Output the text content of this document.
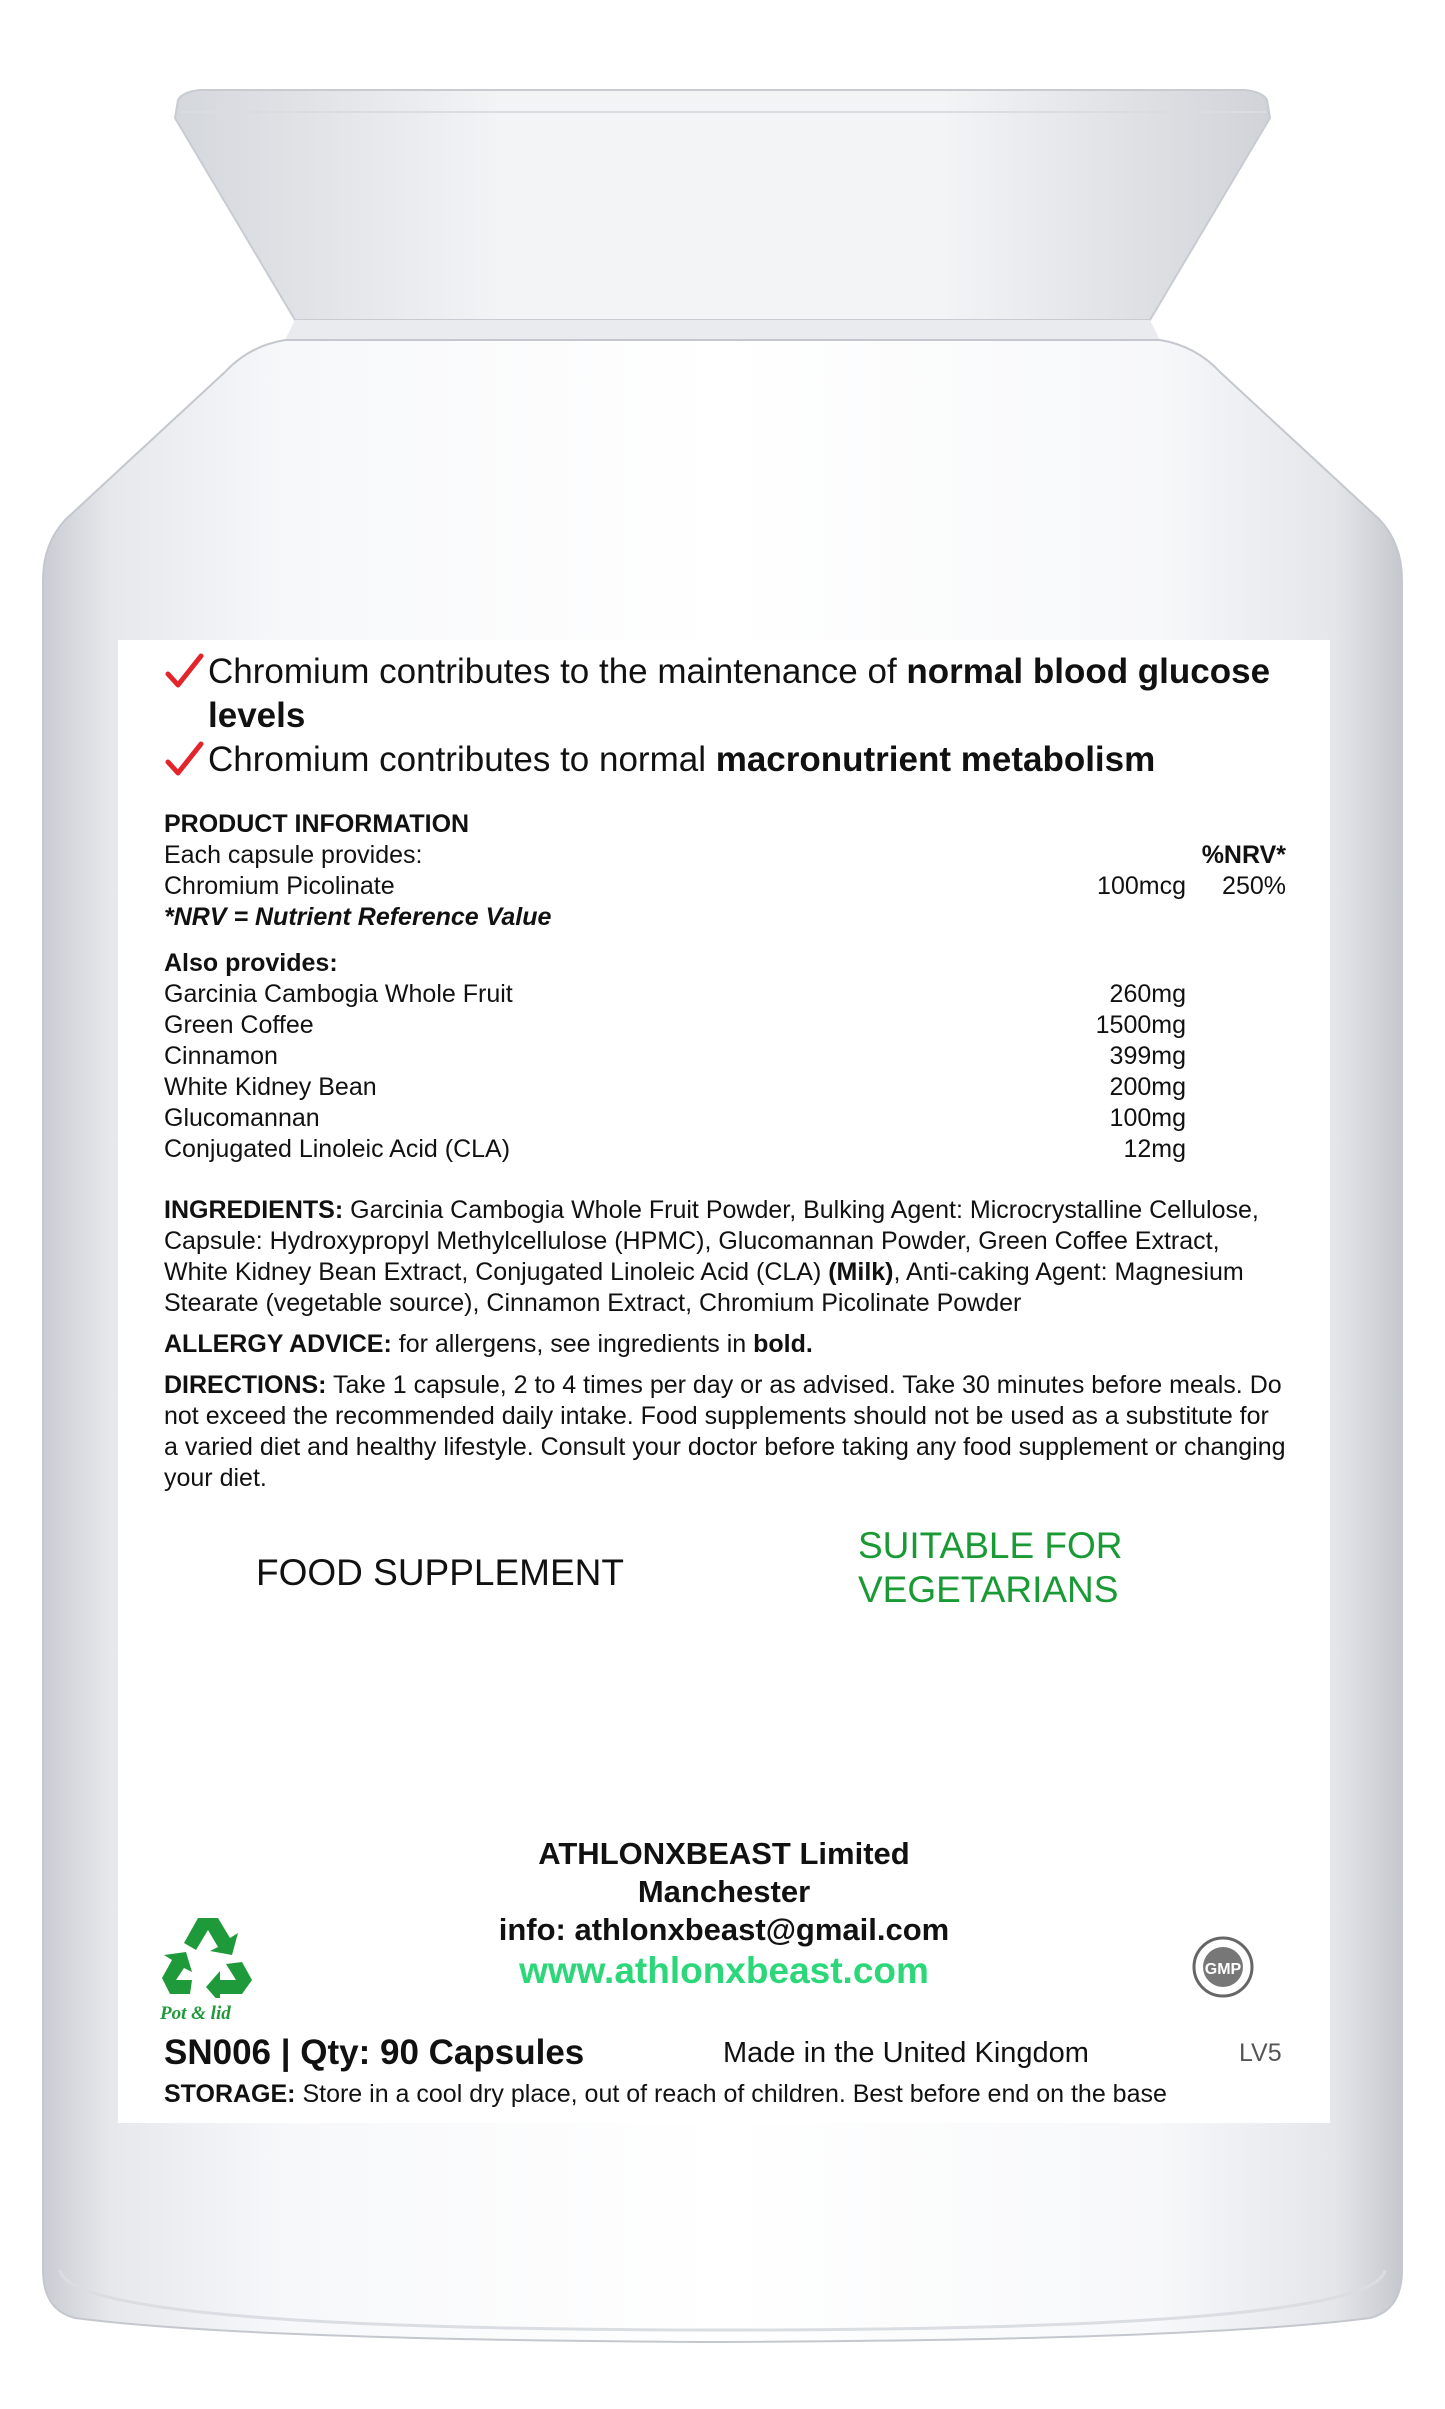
Chromium contributes to the maintenance of normal blood glucose levels
Chromium contributes to normal macronutrient metabolism
PRODUCT INFORMATION
Each capsule provides:	%NRV*
Chromium Picolinate	100mcg	250%
*NRV = Nutrient Reference Value
Also provides:
Garcinia Cambogia Whole Fruit	260mg
Green Coffee	1500mg
Cinnamon	399mg
White Kidney Bean	200mg
Glucomannan	100mg
Conjugated Linoleic Acid (CLA)	12mg
INGREDIENTS: Garcinia Cambogia Whole Fruit Powder, Bulking Agent: Microcrystalline Cellulose, Capsule: Hydroxypropyl Methylcellulose (HPMC), Glucomannan Powder, Green Coffee Extract, White Kidney Bean Extract, Conjugated Linoleic Acid (CLA) (Milk), Anti-caking Agent: Magnesium Stearate (vegetable source), Cinnamon Extract, Chromium Picolinate Powder
ALLERGY ADVICE: for allergens, see ingredients in bold.
DIRECTIONS: Take 1 capsule, 2 to 4 times per day or as advised. Take 30 minutes before meals. Do not exceed the recommended daily intake. Food supplements should not be used as a substitute for a varied diet and healthy lifestyle. Consult your doctor before taking any food supplement or changing your diet.
FOOD SUPPLEMENT
SUITABLE FOR
VEGETARIANS
ATHLONXBEAST Limited
Manchester
info: athlonxbeast@gmail.com
www.athlonxbeast.com
Pot & lid
GMP
SN006 | Qty: 90 Capsules	Made in the United Kingdom	LV5
STORAGE: Store in a cool dry place, out of reach of children. Best before end on the base
